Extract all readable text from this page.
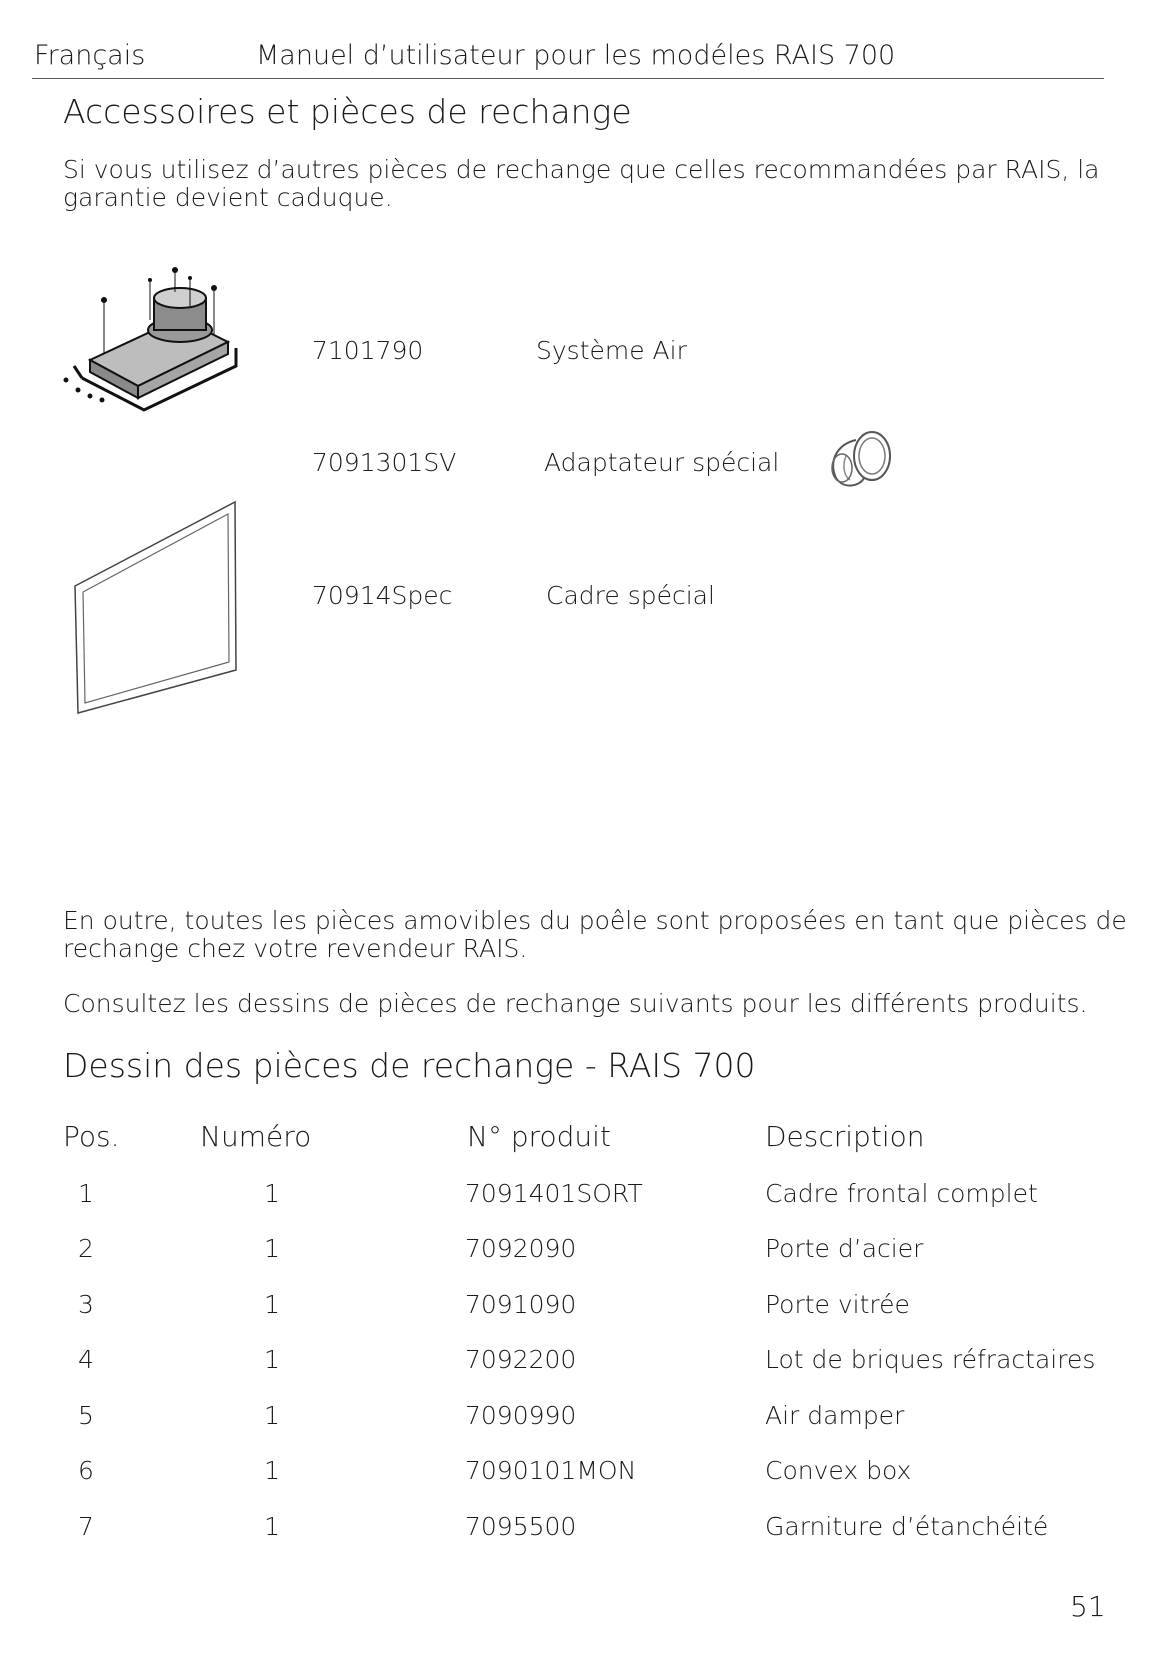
Français	Manuel d’utilisateur pour les modéles RAIS 700
Accessoires et pièces de rechange
Si vous utilisez d’autres pièces de rechange que celles recommandées par RAIS, la garantie devient caduque.
7101790	Système Air
7091301SV	Adaptateur spécial
70914Spec	Cadre spécial
En outre, toutes les pièces amovibles du poêle sont proposées en tant que pièces de rechange chez votre revendeur RAIS.
Consultez les dessins de pièces de rechange suivants pour les différents produits.
Dessin des pièces de rechange - RAIS 700
Pos.	Numéro	N° produit	Description
1	1	7091401SORT	Cadre frontal complet
2	1	7092090	Porte d’acier
3	1	7091090	Porte vitrée
4	1	7092200	Lot de briques réfractaires
5	1	7090990	Air damper
6	1	7090101MON	Convex box
7	1	7095500	Garniture d’étanchéité
51
